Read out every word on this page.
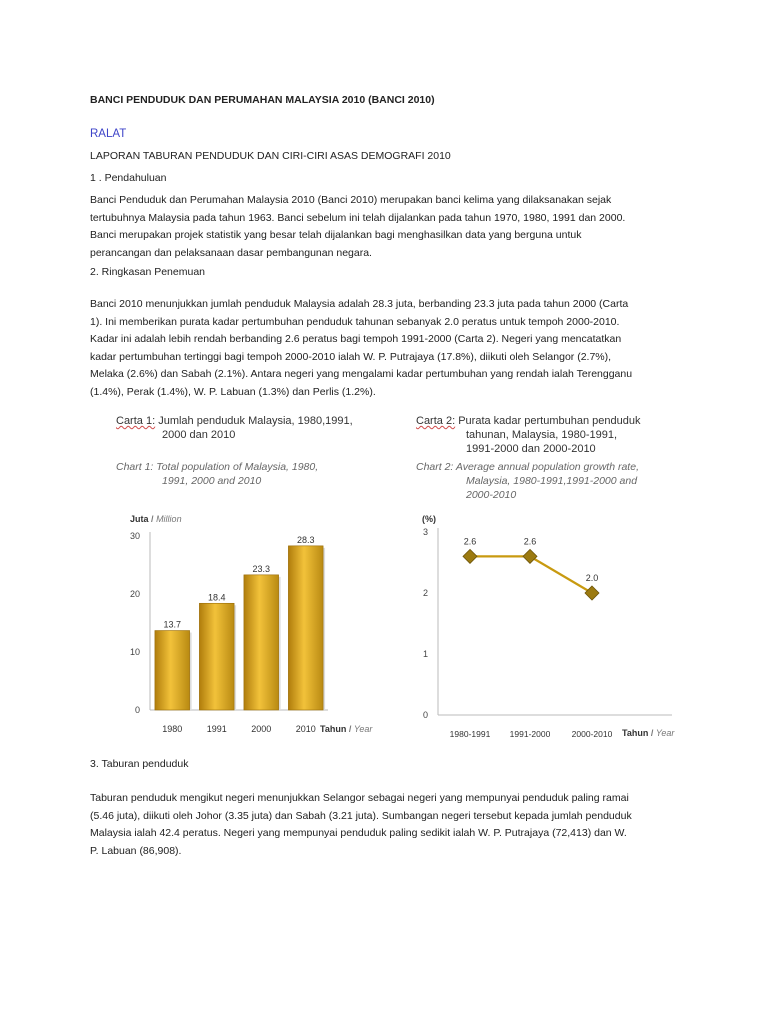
BANCI PENDUDUK DAN PERUMAHAN MALAYSIA 2010 (BANCI 2010)

RALAT

LAPORAN TABURAN PENDUDUK DAN CIRI-CIRI ASAS DEMOGRAFI 2010

1 . Pendahuluan

Banci Penduduk dan Perumahan Malaysia 2010 (Banci 2010) merupakan banci kelima yang dilaksanakan sejak
tertubuhnya Malaysia pada tahun 1963. Banci sebelum ini telah dijalankan pada tahun 1970, 1980, 1991 dan 2000.
Banci merupakan projek statistik yang besar telah dijalankan bagi menghasilkan data yang berguna untuk
perancangan dan pelaksanaan dasar pembangunan negara.

2. Ringkasan Penemuan

Banci 2010 menunjukkan jumlah penduduk Malaysia adalah 28.3 juta, berbanding 23.3 juta pada tahun 2000 (Carta
1). Ini memberikan purata kadar pertumbuhan penduduk tahunan sebanyak 2.0 peratus untuk tempoh 2000-2010.
Kadar ini adalah lebih rendah berbanding 2.6 peratus bagi tempoh 1991-2000 (Carta 2). Negeri yang mencatatkan
kadar pertumbuhan tertinggi bagi tempoh 2000-2010 ialah W. P. Putrajaya (17.8%), diikuti oleh Selangor (2.7%),
Melaka (2.6%) dan Sabah (2.1%). Antara negeri yang mengalami kadar pertumbuhan yang rendah ialah Terengganu
(1.4%), Perak (1.4%), W. P. Labuan (1.3%) dan Perlis (1.2%).
Carta 1: Jumlah penduduk Malaysia, 1980,1991,
2000 dan 2010
Chart 1: Total population of Malaysia, 1980,
1991, 2000 and 2010
Juta / Million
Tahun / Year
0
10
20
30
13.7
1980
18.4
1991
23.3
2000
28.3
2010
Carta 2: Purata kadar pertumbuhan penduduk
tahunan, Malaysia, 1980-1991,
1991-2000 dan 2000-2010
Chart 2: Average annual population growth rate,
Malaysia, 1980-1991,1991-2000 and
2000-2010
(%)
Tahun / Year
0
1
2
3
2.6
1980-1991
2.6
1991-2000
2.0
2000-2010

3. Taburan penduduk

Taburan penduduk mengikut negeri menunjukkan Selangor sebagai negeri yang mempunyai penduduk paling ramai
(5.46 juta), diikuti oleh Johor (3.35 juta) dan Sabah (3.21 juta). Sumbangan negeri tersebut kepada jumlah penduduk
Malaysia ialah 42.4 peratus. Negeri yang mempunyai penduduk paling sedikit ialah W. P. Putrajaya (72,413) dan W.
P. Labuan (86,908).
